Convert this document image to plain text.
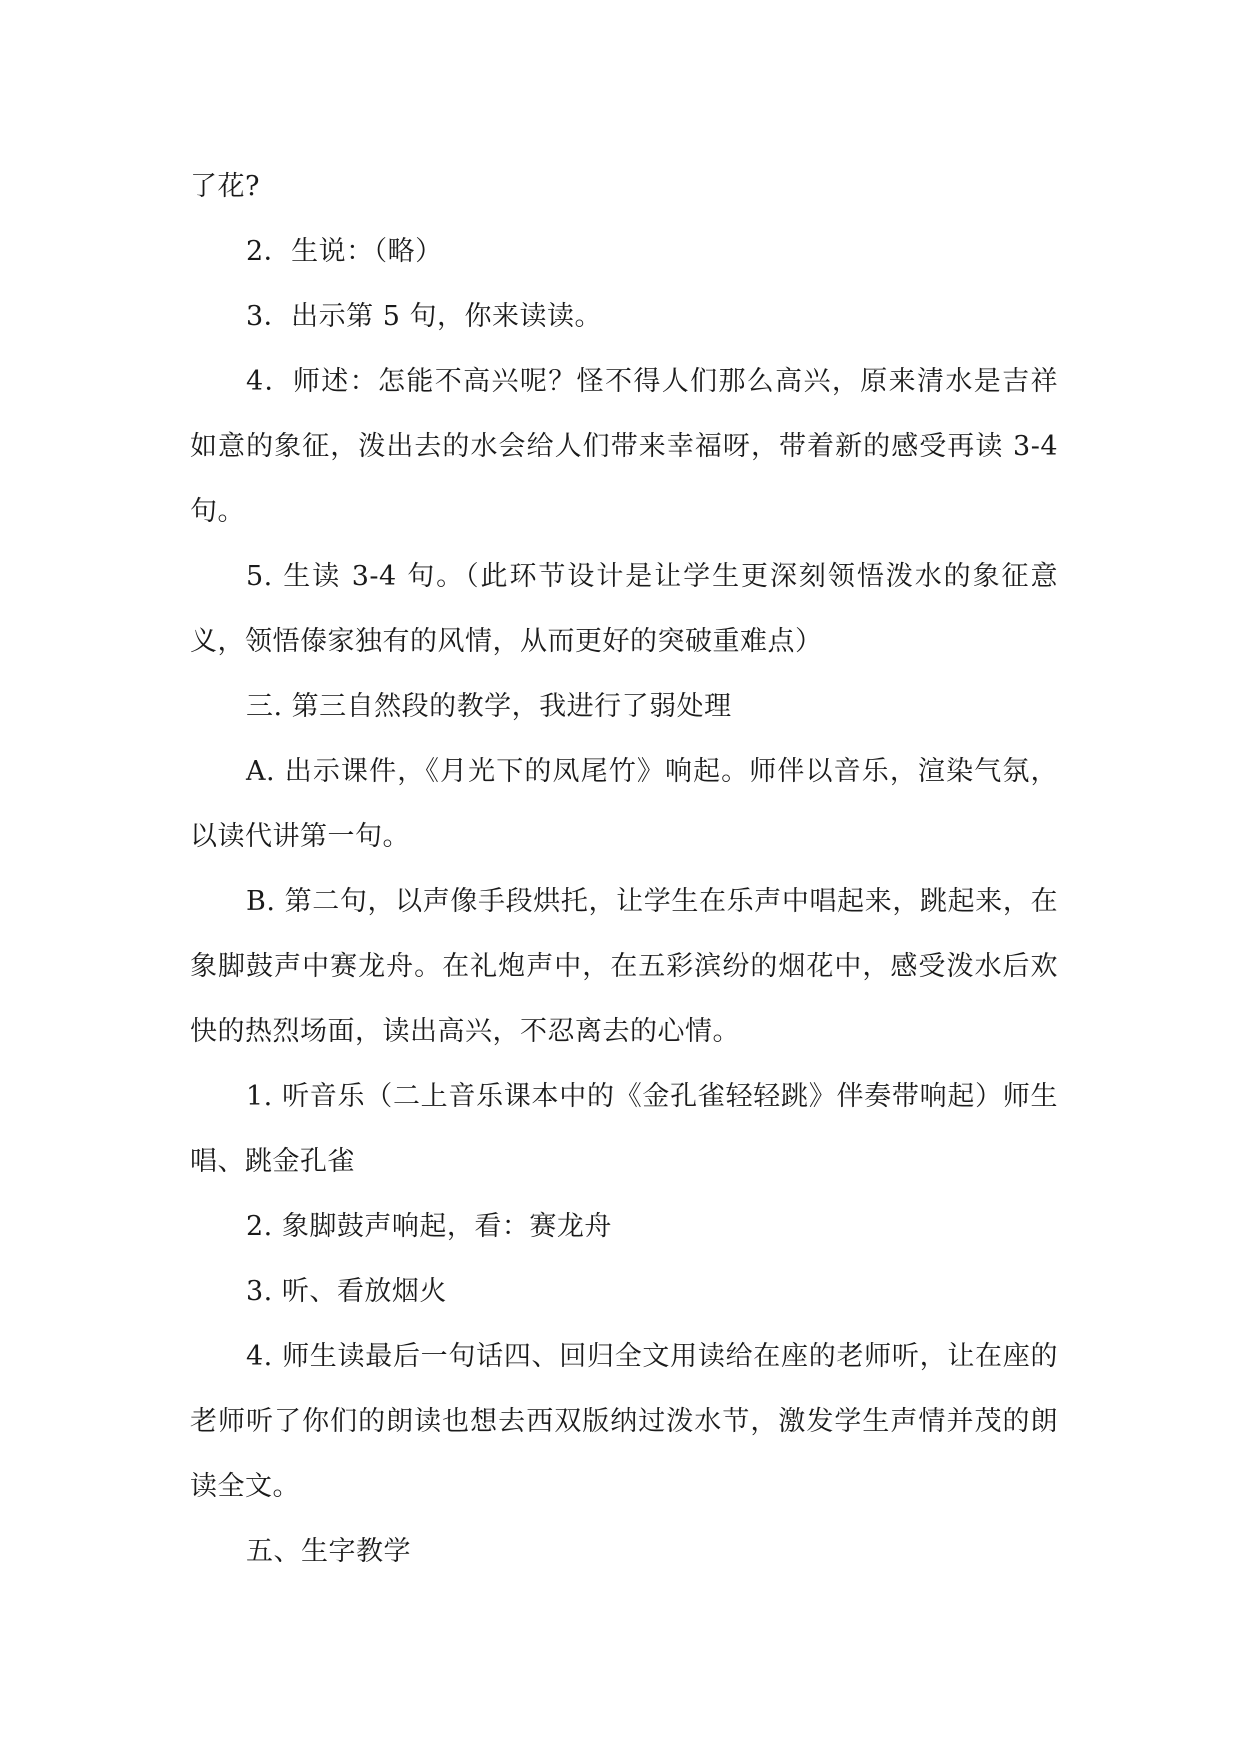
了花?

2．生说：（略）

3．出示第 5 句，你来读读。

4．师述：怎能不高兴呢？怪不得人们那么高兴，原来清水是吉祥如意的象征，泼出去的水会给人们带来幸福呀，带着新的感受再读 3-4 句。

5. 生读 3-4 句。（此环节设计是让学生更深刻领悟泼水的象征意义，领悟傣家独有的风情，从而更好的突破重难点）

三. 第三自然段的教学，我进行了弱处理

A. 出示课件，《月光下的凤尾竹》响起。师伴以音乐，渲染气氛，以读代讲第一句。

B. 第二句，以声像手段烘托，让学生在乐声中唱起来，跳起来，在象脚鼓声中赛龙舟。在礼炮声中，在五彩滨纷的烟花中，感受泼水后欢快的热烈场面，读出高兴，不忍离去的心情。

1. 听音乐（二上音乐课本中的《金孔雀轻轻跳》伴奏带响起）师生唱、跳金孔雀

2. 象脚鼓声响起，看：赛龙舟

3. 听、看放烟火

4. 师生读最后一句话四、回归全文用读给在座的老师听，让在座的老师听了你们的朗读也想去西双版纳过泼水节，激发学生声情并茂的朗读全文。

五、生字教学
